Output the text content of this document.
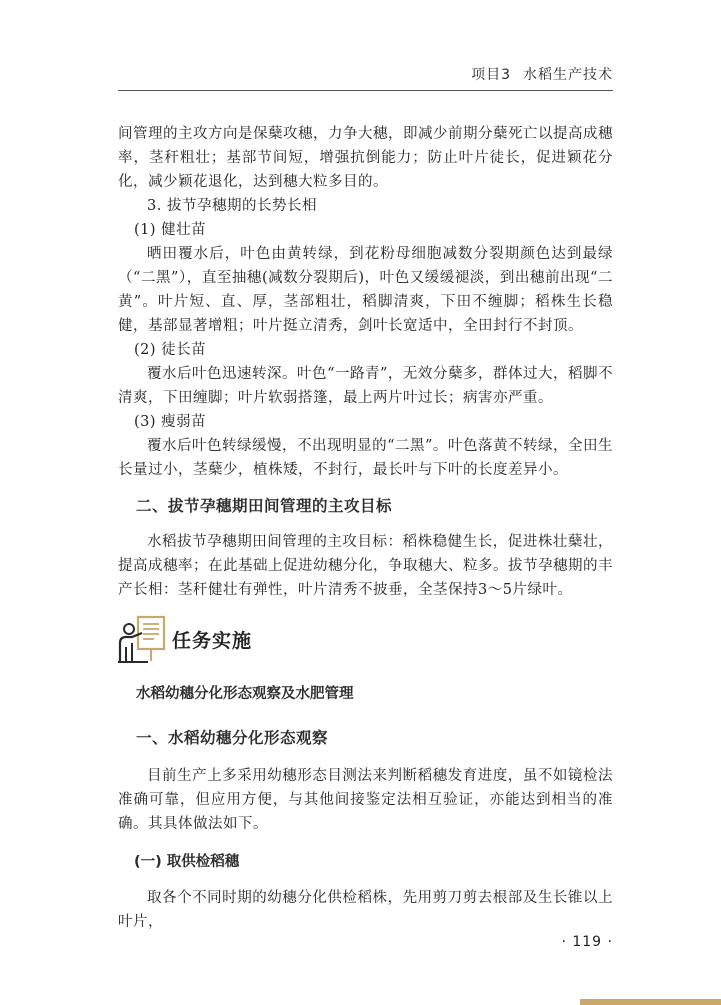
项目3 水稻生产技术

间管理的主攻方向是保蘖攻穗，力争大穗，即减少前期分蘖死亡以提高成穗率，茎秆粗壮；基部节间短，增强抗倒能力；防止叶片徒长，促进颖花分化，减少颖花退化，达到穗大粒多目的。

3. 拔节孕穗期的长势长相

(1) 健壮苗

晒田覆水后，叶色由黄转绿，到花粉母细胞减数分裂期颜色达到最绿（“二黑”），直至抽穗(减数分裂期后)，叶色又缓缓褪淡，到出穗前出现“二黄”。叶片短、直、厚，茎部粗壮，稻脚清爽，下田不缠脚；稻株生长稳健，基部显著增粗；叶片挺立清秀，剑叶长宽适中，全田封行不封顶。

(2) 徒长苗

覆水后叶色迅速转深。叶色“一路青”，无效分蘖多，群体过大，稻脚不清爽，下田缠脚；叶片软弱搭篷，最上两片叶过长；病害亦严重。

(3) 瘦弱苗

覆水后叶色转绿缓慢，不出现明显的“二黑”。叶色落黄不转绿，全田生长量过小，茎蘖少，植株矮，不封行，最长叶与下叶的长度差异小。

二、拔节孕穗期田间管理的主攻目标

水稻拔节孕穗期田间管理的主攻目标：稻株稳健生长，促进株壮蘖壮，提高成穗率；在此基础上促进幼穗分化，争取穗大、粒多。拔节孕穗期的丰产长相：茎秆健壮有弹性，叶片清秀不披垂，全茎保持3～5片绿叶。

任务实施
水稻幼穗分化形态观察及水肥管理
一、水稻幼穗分化形态观察

目前生产上多采用幼穗形态目测法来判断稻穗发育进度，虽不如镜检法准确可靠，但应用方便，与其他间接鉴定法相互验证，亦能达到相当的准确。其具体做法如下。

(一) 取供检稻穗

取各个不同时期的幼穗分化供检稻株，先用剪刀剪去根部及生长锥以上叶片，

· 119 ·
